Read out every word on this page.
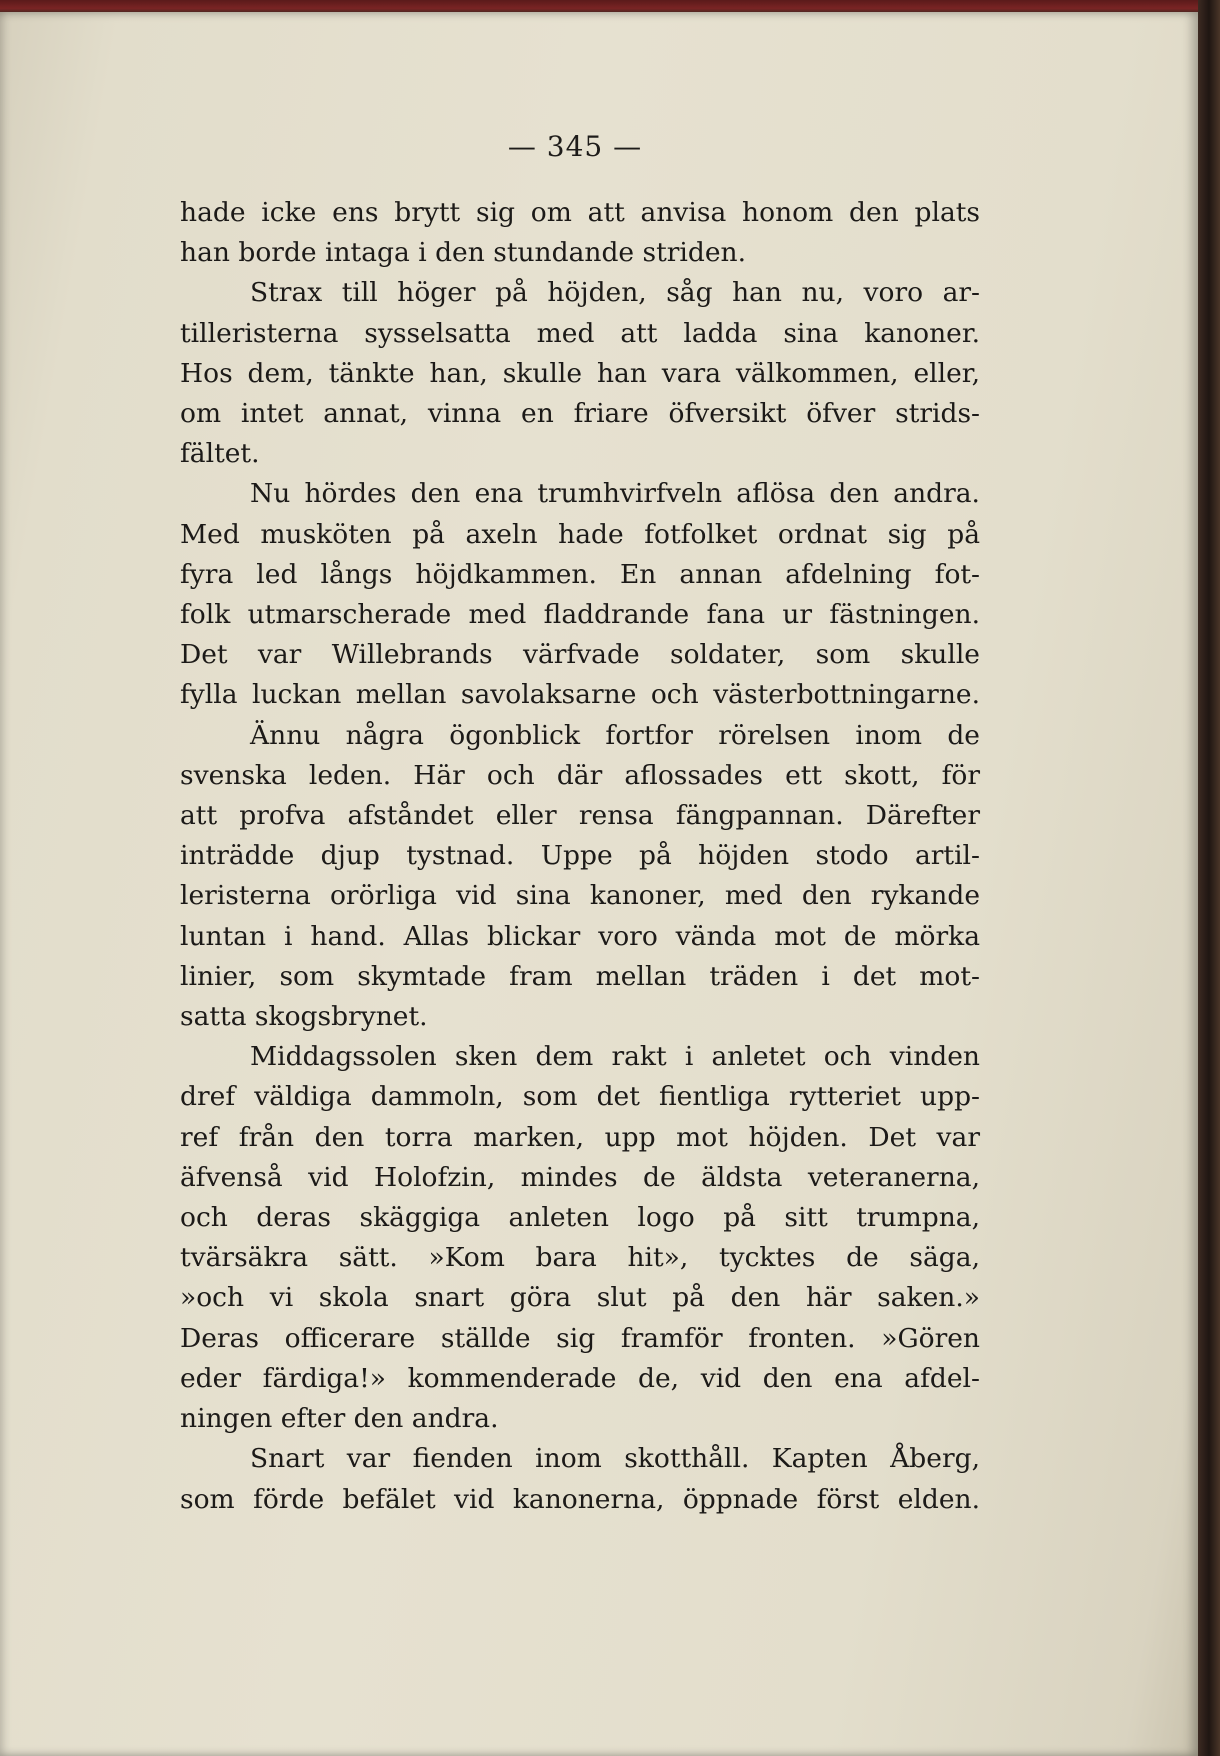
— 345 —
hade icke ens brytt sig om att anvisa honom den plats
han borde intaga i den stundande striden.
Strax till höger på höjden, såg han nu, voro ar-
tilleristerna sysselsatta med att ladda sina kanoner.
Hos dem, tänkte han, skulle han vara välkommen, eller,
om intet annat, vinna en friare öfversikt öfver strids-
fältet.
Nu hördes den ena trumhvirfveln aflösa den andra.
Med musköten på axeln hade fotfolket ordnat sig på
fyra led långs höjdkammen. En annan afdelning fot-
folk utmarscherade med fladdrande fana ur fästningen.
Det var Willebrands värfvade soldater, som skulle
fylla luckan mellan savolaksarne och västerbottningarne.
Ännu några ögonblick fortfor rörelsen inom de
svenska leden. Här och där aflossades ett skott, för
att profva afståndet eller rensa fängpannan. Därefter
inträdde djup tystnad. Uppe på höjden stodo artil-
leristerna orörliga vid sina kanoner, med den rykande
luntan i hand. Allas blickar voro vända mot de mörka
linier, som skymtade fram mellan träden i det mot-
satta skogsbrynet.
Middagssolen sken dem rakt i anletet och vinden
dref väldiga dammoln, som det fientliga rytteriet upp-
ref från den torra marken, upp mot höjden. Det var
äfvenså vid Holofzin, mindes de äldsta veteranerna,
och deras skäggiga anleten logo på sitt trumpna,
tvärsäkra sätt. »Kom bara hit», tycktes de säga,
»och vi skola snart göra slut på den här saken.»
Deras officerare ställde sig framför fronten. »Gören
eder färdiga!» kommenderade de, vid den ena afdel-
ningen efter den andra.
Snart var fienden inom skotthåll. Kapten Åberg,
som förde befälet vid kanonerna, öppnade först elden.
